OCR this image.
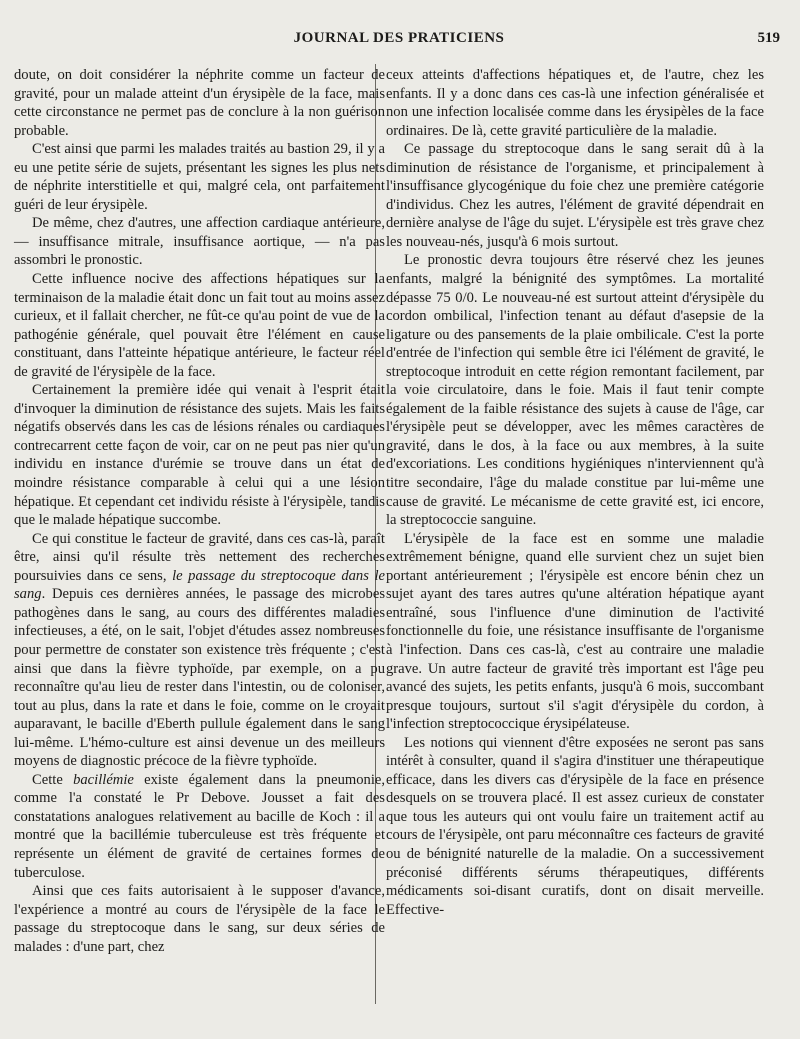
JOURNAL DES PRATICIENS	519

doute, on doit considérer la néphrite comme un facteur de gravité, pour un malade atteint d'un érysipèle de la face, mais cette circonstance ne permet pas de conclure à la non guérison probable.

C'est ainsi que parmi les malades traités au bastion 29, il y a eu une petite série de sujets, présentant les signes les plus nets de néphrite interstitielle et qui, malgré cela, ont parfaitement guéri de leur érysipèle.

De même, chez d'autres, une affection cardiaque antérieure, — insuffisance mitrale, insuffisance aortique, — n'a pas assombri le pronostic.

Cette influence nocive des affections hépatiques sur la terminaison de la maladie était donc un fait tout au moins assez curieux, et il fallait chercher, ne fût-ce qu'au point de vue de la pathogénie générale, quel pouvait être l'élément en cause constituant, dans l'atteinte hépatique antérieure, le facteur réel de gravité de l'érysipèle de la face.

Certainement la première idée qui venait à l'esprit était d'invoquer la diminution de résistance des sujets. Mais les faits négatifs observés dans les cas de lésions rénales ou cardiaques contrecarrent cette façon de voir, car on ne peut pas nier qu'un individu en instance d'urémie se trouve dans un état de moindre résistance comparable à celui qui a une lésion hépatique. Et cependant cet individu résiste à l'érysipèle, tandis que le malade hépatique succombe.

Ce qui constitue le facteur de gravité, dans ces cas-là, paraît être, ainsi qu'il résulte très nettement des recherches poursuivies dans ce sens, le passage du streptocoque dans le sang. Depuis ces dernières années, le passage des microbes pathogènes dans le sang, au cours des différentes maladies infectieuses, a été, on le sait, l'objet d'études assez nombreuses pour permettre de constater son existence très fréquente ; c'est ainsi que dans la fièvre typhoïde, par exemple, on a pu reconnaître qu'au lieu de rester dans l'intestin, ou de coloniser, tout au plus, dans la rate et dans le foie, comme on le croyait auparavant, le bacille d'Eberth pullule également dans le sang lui-même. L'hémo-culture est ainsi devenue un des meilleurs moyens de diagnostic précoce de la fièvre typhoïde.

Cette bacillémie existe également dans la pneumonie, comme l'a constaté le Pr Debove. Jousset a fait des constatations analogues relativement au bacille de Koch : il a montré que la bacillémie tuberculeuse est très fréquente et représente un élément de gravité de certaines formes de tuberculose.

Ainsi que ces faits autorisaient à le supposer d'avance, l'expérience a montré au cours de l'érysipèle de la face le passage du streptocoque dans le sang, sur deux séries de malades : d'une part, chez

ceux atteints d'affections hépatiques et, de l'autre, chez les enfants. Il y a donc dans ces cas-là une infection généralisée et non une infection localisée comme dans les érysipèles de la face ordinaires. De là, cette gravité particulière de la maladie.

Ce passage du streptocoque dans le sang serait dû à la diminution de résistance de l'organisme, et principalement à l'insuffisance glycogénique du foie chez une première catégorie d'individus. Chez les autres, l'élément de gravité dépendrait en dernière analyse de l'âge du sujet. L'érysipèle est très grave chez les nouveau-nés, jusqu'à 6 mois surtout.

Le pronostic devra toujours être réservé chez les jeunes enfants, malgré la bénignité des symptômes. La mortalité dépasse 75 0/0. Le nouveau-né est surtout atteint d'érysipèle du cordon ombilical, l'infection tenant au défaut d'asepsie de la ligature ou des pansements de la plaie ombilicale. C'est la porte d'entrée de l'infection qui semble être ici l'élément de gravité, le streptocoque introduit en cette région remontant facilement, par la voie circulatoire, dans le foie. Mais il faut tenir compte également de la faible résistance des sujets à cause de l'âge, car l'érysipèle peut se développer, avec les mêmes caractères de gravité, dans le dos, à la face ou aux membres, à la suite d'excoriations. Les conditions hygiéniques n'interviennent qu'à titre secondaire, l'âge du malade constitue par lui-même une cause de gravité. Le mécanisme de cette gravité est, ici encore, la streptococcie sanguine.

L'érysipèle de la face est en somme une maladie extrêmement bénigne, quand elle survient chez un sujet bien portant antérieurement ; l'érysipèle est encore bénin chez un sujet ayant des tares autres qu'une altération hépatique ayant entraîné, sous l'influence d'une diminution de l'activité fonctionnelle du foie, une résistance insuffisante de l'organisme à l'infection. Dans ces cas-là, c'est au contraire une maladie grave. Un autre facteur de gravité très important est l'âge peu avancé des sujets, les petits enfants, jusqu'à 6 mois, succombant presque toujours, surtout s'il s'agit d'érysipèle du cordon, à l'infection streptococcique érysipélateuse.

Les notions qui viennent d'être exposées ne seront pas sans intérêt à consulter, quand il s'agira d'instituer une thérapeutique efficace, dans les divers cas d'érysipèle de la face en présence desquels on se trouvera placé. Il est assez curieux de constater que tous les auteurs qui ont voulu faire un traitement actif au cours de l'érysipèle, ont paru méconnaître ces facteurs de gravité ou de bénignité naturelle de la maladie. On a successivement préconisé différents sérums thérapeutiques, différents médicaments soi-disant curatifs, dont on disait merveille. Effective-
